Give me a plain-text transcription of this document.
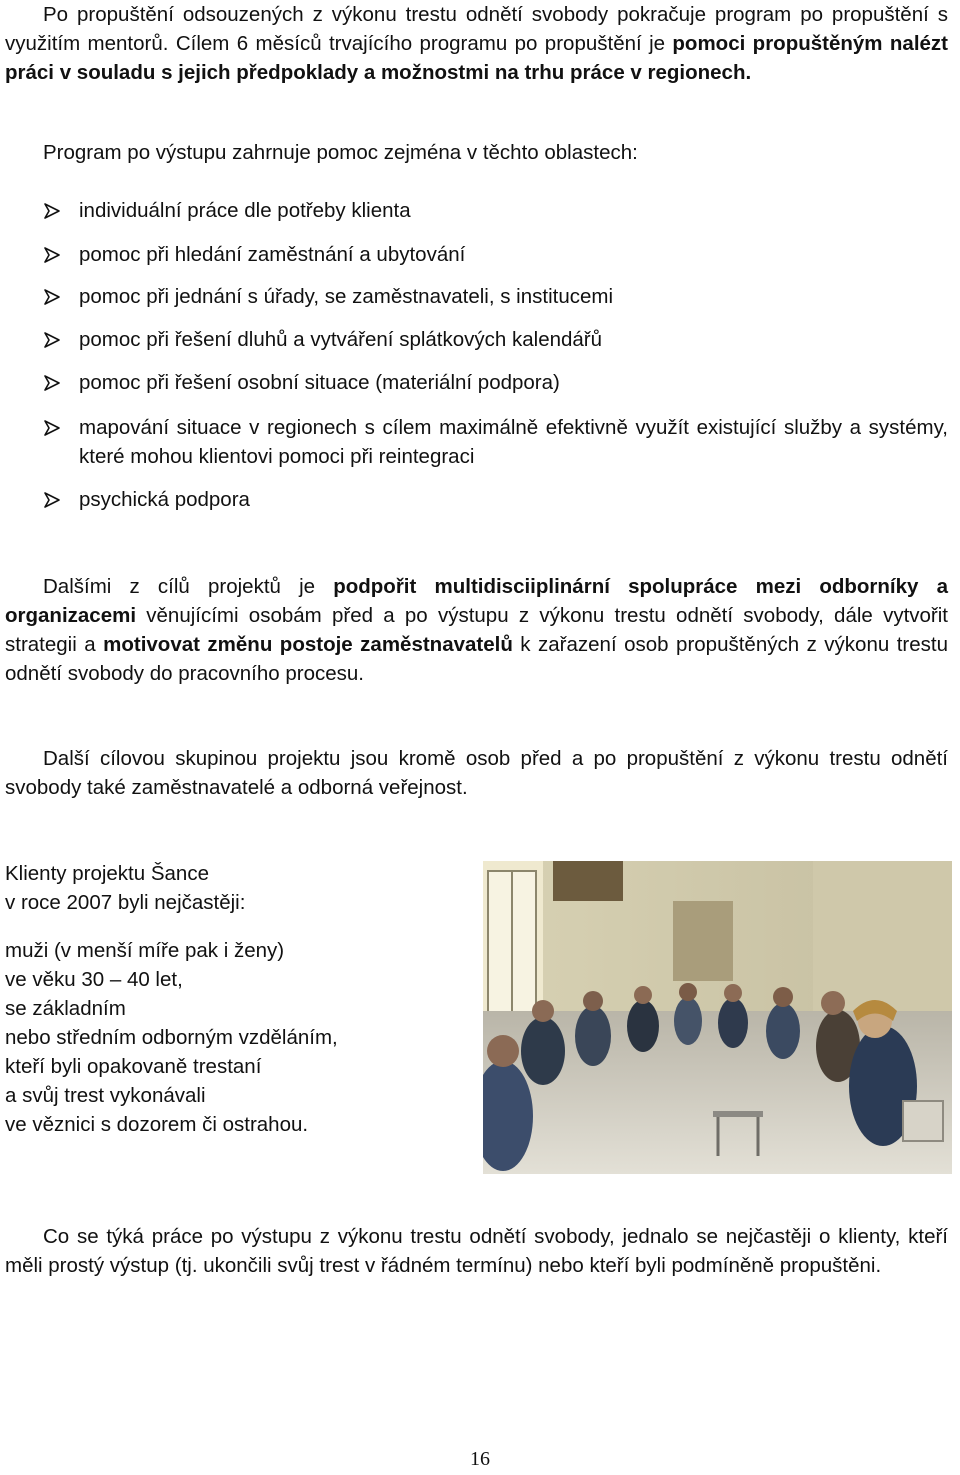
Po propuštění odsouzených z výkonu trestu odnětí svobody pokračuje program po propuštění s využitím mentorů. Cílem 6 měsíců trvajícího programu po propuštění je pomoci propuštěným nalézt práci v souladu s jejich předpoklady a možnostmi na trhu práce v regionech.

Program po výstupu zahrnuje pomoc zejména v těchto oblastech:

individuální práce dle potřeby klienta
pomoc při hledání zaměstnání a ubytování
pomoc při jednání s úřady, se zaměstnavateli, s institucemi
pomoc při řešení dluhů a vytváření splátkových kalendářů
pomoc při řešení osobní situace (materiální podpora)
mapování situace v regionech s cílem maximálně efektivně využít existující služby a systémy, které mohou klientovi pomoci při reintegraci
psychická podpora

Dalšími z cílů projektů je podpořit multidisciiplinární spolupráce mezi odborníky a organizacemi věnujícími osobám před a po výstupu z výkonu trestu odnětí svobody, dále vytvořit strategii a motivovat změnu postoje zaměstnavatelů k zařazení osob propuštěných z výkonu trestu odnětí svobody do pracovního procesu.

Další cílovou skupinou projektu jsou kromě osob před a po propuštění z výkonu trestu odnětí svobody také zaměstnavatelé a odborná veřejnost.

Klienty projektu Šance
v roce 2007 byli nejčastěji:
muži (v menší míře pak i ženy)
ve věku 30 – 40 let,
se základním
nebo středním odborným vzděláním,
kteří byli opakovaně trestaní
a svůj trest vykonávali
ve věznici s dozorem či ostrahou.

Co se týká práce po výstupu z výkonu trestu odnětí svobody, jednalo se nejčastěji o klienty, kteří měli prostý výstup (tj. ukončili svůj trest v řádném termínu) nebo kteří byli podmíněně propuštěni.

16
